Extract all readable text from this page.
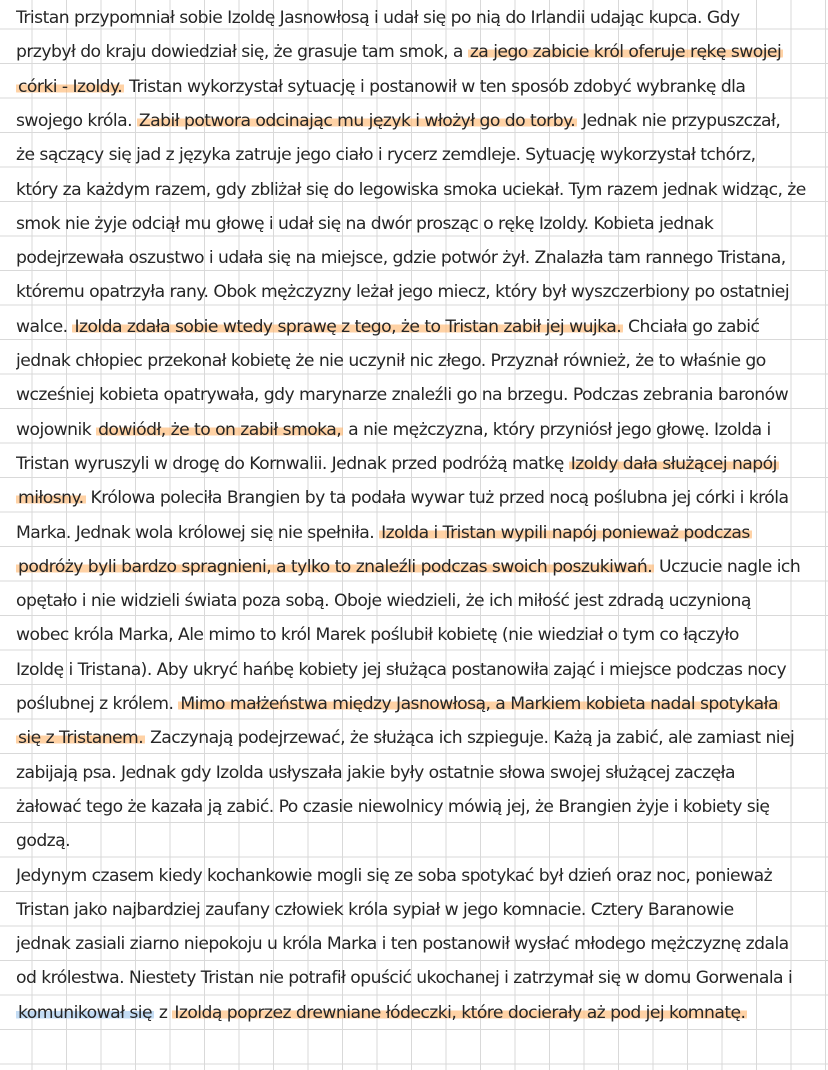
Tristan przypomniał sobie Izoldę Jasnowłosą i udał się po nią do Irlandii udając kupca. Gdy
przybył do kraju dowiedział się, że grasuje tam smok, a za jego zabicie król oferuje rękę swojej
córki - Izoldy. Tristan wykorzystał sytuację i postanowił w ten sposób zdobyć wybrankę dla
swojego króla. Zabił potwora odcinając mu język i włożył go do torby. Jednak nie przypuszczał,
że sączący się jad z języka zatruje jego ciało i rycerz zemdleje. Sytuację wykorzystał tchórz,
który za każdym razem, gdy zbliżał się do legowiska smoka uciekał. Tym razem jednak widząc, że
smok nie żyje odciął mu głowę i udał się na dwór prosząc o rękę Izoldy. Kobieta jednak
podejrzewała oszustwo i udała się na miejsce, gdzie potwór żył. Znalazła tam rannego Tristana,
któremu opatrzyła rany. Obok mężczyzny leżał jego miecz, który był wyszczerbiony po ostatniej
walce. Izolda zdała sobie wtedy sprawę z tego, że to Tristan zabił jej wujka. Chciała go zabić
jednak chłopiec przekonał kobietę że nie uczynił nic złego. Przyznał również, że to właśnie go
wcześniej kobieta opatrywała, gdy marynarze znaleźli go na brzegu. Podczas zebrania baronów
wojownik dowiódł, że to on zabił smoka, a nie mężczyzna, który przyniósł jego głowę. Izolda i
Tristan wyruszyli w drogę do Kornwalii. Jednak przed podróżą matkę Izoldy dała służącej napój
miłosny. Królowa poleciła Brangien by ta podała wywar tuż przed nocą poślubna jej córki i króla
Marka. Jednak wola królowej się nie spełniła. Izolda i Tristan wypili napój ponieważ podczas
podróży byli bardzo spragnieni, a tylko to znaleźli podczas swoich poszukiwań. Uczucie nagle ich
opętało i nie widzieli świata poza sobą. Oboje wiedzieli, że ich miłość jest zdradą uczynioną
wobec króla Marka, Ale mimo to król Marek poślubił kobietę (nie wiedział o tym co łączyło
Izoldę i Tristana). Aby ukryć hańbę kobiety jej służąca postanowiła zająć i miejsce podczas nocy
poślubnej z królem. Mimo małżeństwa między Jasnowłosą, a Markiem kobieta nadal spotykała
się z Tristanem. Zaczynają podejrzewać, że służąca ich szpieguje. Każą ja zabić, ale zamiast niej
zabijają psa. Jednak gdy Izolda usłyszała jakie były ostatnie słowa swojej służącej zaczęła
żałować tego że kazała ją zabić. Po czasie niewolnicy mówią jej, że Brangien żyje i kobiety się
godzą.
Jedynym czasem kiedy kochankowie mogli się ze soba spotykać był dzień oraz noc, ponieważ
Tristan jako najbardziej zaufany człowiek króla sypiał w jego komnacie. Cztery Baranowie
jednak zasiali ziarno niepokoju u króla Marka i ten postanowił wysłać młodego mężczyznę zdala
od królestwa. Niestety Tristan nie potrafił opuścić ukochanej i zatrzymał się w domu Gorwenala i
komunikował się z Izoldą poprzez drewniane łódeczki, które docierały aż pod jej komnatę.
